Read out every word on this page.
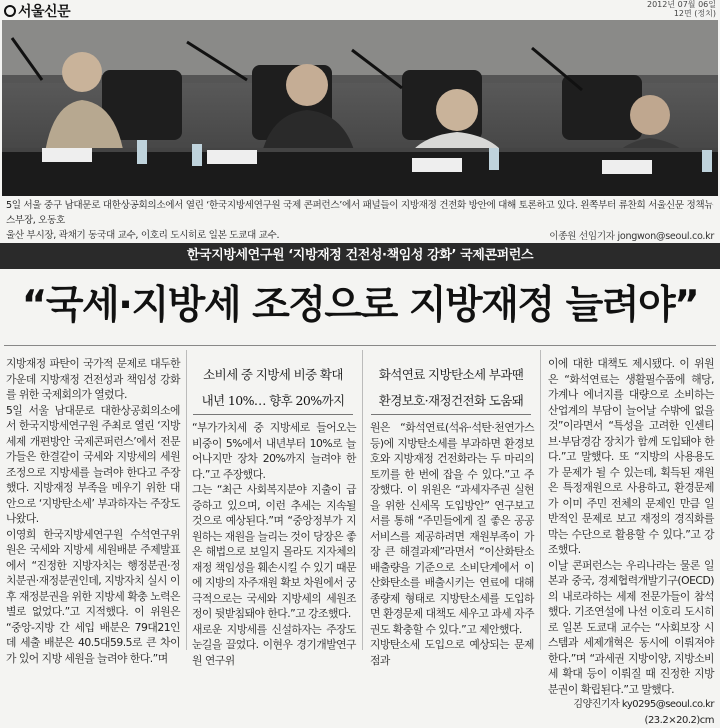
서울신문	2012년 07월 06일
12면 (정치)
5일 서울 중구 남대문로 대한상공회의소에서 열린 ‘한국지방세연구원 국제 콘퍼런스’에서 패널들이 지방재정 건전화 방안에 대해 토론하고 있다. 왼쪽부터 류찬희 서울신문 정책뉴스부장, 오동호
울산 부시장, 곽채기 동국대 교수, 이호리 도시히로 일본 도쿄대 교수.	이종원 선임기자 jongwon@seoul.co.kr
한국지방세연구원 ‘지방재정 건전성·책임성 강화’ 국제콘퍼런스
“국세·지방세 조정으로 지방재정 늘려야”
소비세 중 지방세 비중 확대
내년 10%… 향후 20%까지
화석연료 지방탄소세 부과땐
환경보호·재정건전화 도움돼

지방재정 파탄이 국가적 문제로 대두한 가운데 지방재정 건전성과 책임성 강화를 위한 국제회의가 열렸다.

5일 서울 남대문로 대한상공회의소에서 한국지방세연구원 주최로 열린 ‘지방세제 개편방안 국제콘퍼런스’에서 전문가들은 한결같이 국세와 지방세의 세원조정으로 지방세를 늘려야 한다고 주장했다. 지방재정 부족을 메우기 위한 대안으로 ‘지방탄소세’ 부과하자는 주장도 나왔다.

이영희 한국지방세연구원 수석연구위원은 국세와 지방세 세원배분 주제발표에서 “진정한 지방자치는 행정분권·정치분권·재정분권인데, 지방자치 실시 이후 재정분권을 위한 지방세 확충 노력은 별로 없었다.”고 지적했다. 이 위원은 “중앙-지방 간 세입 배분은 79대21인데 세출 배분은 40.5대59.5로 큰 차이가 있어 지방 세원을 늘려야 한다.”며

“부가가치세 중 지방세로 들어오는 비중이 5%에서 내년부터 10%로 늘어나지만 장차 20%까지 늘려야 한다.”고 주장했다.

그는 “최근 사회복지분야 지출이 급증하고 있으며, 이런 추세는 지속될 것으로 예상된다.”며 “중앙정부가 지원하는 재원을 늘리는 것이 당장은 좋은 해법으로 보일지 몰라도 지자체의 재정 책임성을 훼손시킬 수 있기 때문에 지방의 자주재원 확보 차원에서 궁극적으로는 국세와 지방세의 세원조정이 뒷받침돼야 한다.”고 강조했다.

새로운 지방세를 신설하자는 주장도 눈길을 끌었다. 이현우 경기개발연구원 연구위

원은 “화석연료(석유·석탄·천연가스 등)에 지방탄소세를 부과하면 환경보호와 지방재정 건전화라는 두 마리의 토끼를 한 번에 잡을 수 있다.”고 주장했다. 이 위원은 “과세자주권 실현을 위한 신세목 도입방안” 연구보고서를 통해 “주민들에게 질 좋은 공공서비스를 제공하려면 재원부족이 가장 큰 해결과제”라면서 “이산화탄소배출량을 기준으로 소비단계에서 이산화탄소를 배출시키는 연료에 대해 종량제 형태로 지방탄소세를 도입하면 환경문제 대책도 세우고 과세 자주권도 확충할 수 있다.”고 제안했다.

지방탄소세 도입으로 예상되는 문제점과

이에 대한 대책도 제시됐다. 이 위원은 “화석연료는 생활필수품에 해당, 가계나 에너지를 대량으로 소비하는 산업계의 부담이 늘어날 수밖에 없을 것”이라면서 “특성을 고려한 인센티브·부담경감 장치가 함께 도입돼야 한다.”고 말했다. 또 “지방의 사용용도가 문제가 될 수 있는데, 획득된 재원은 특정재원으로 사용하고, 환경문제가 이미 주민 전체의 문제인 만큼 일반적인 문제로 보고 재정의 경직화를 막는 수단으로 활용할 수 있다.”고 강조했다.

이날 콘퍼런스는 우리나라는 물론 일본과 중국, 경제협력개발기구(OECD)의 내로라하는 세제 전문가들이 참석했다. 기조연설에 나선 이호리 도시히로 일본 도쿄대 교수는 “사회보장 시스템과 세제개혁은 동시에 이뤄져야 한다.”며 “과세권 지방이양, 지방소비세 확대 등이 이뤄질 때 진정한 지방분권이 확립된다.”고 말했다.

김양진기자 ky0295@seoul.co.kr
(23.2×20.2)cm
